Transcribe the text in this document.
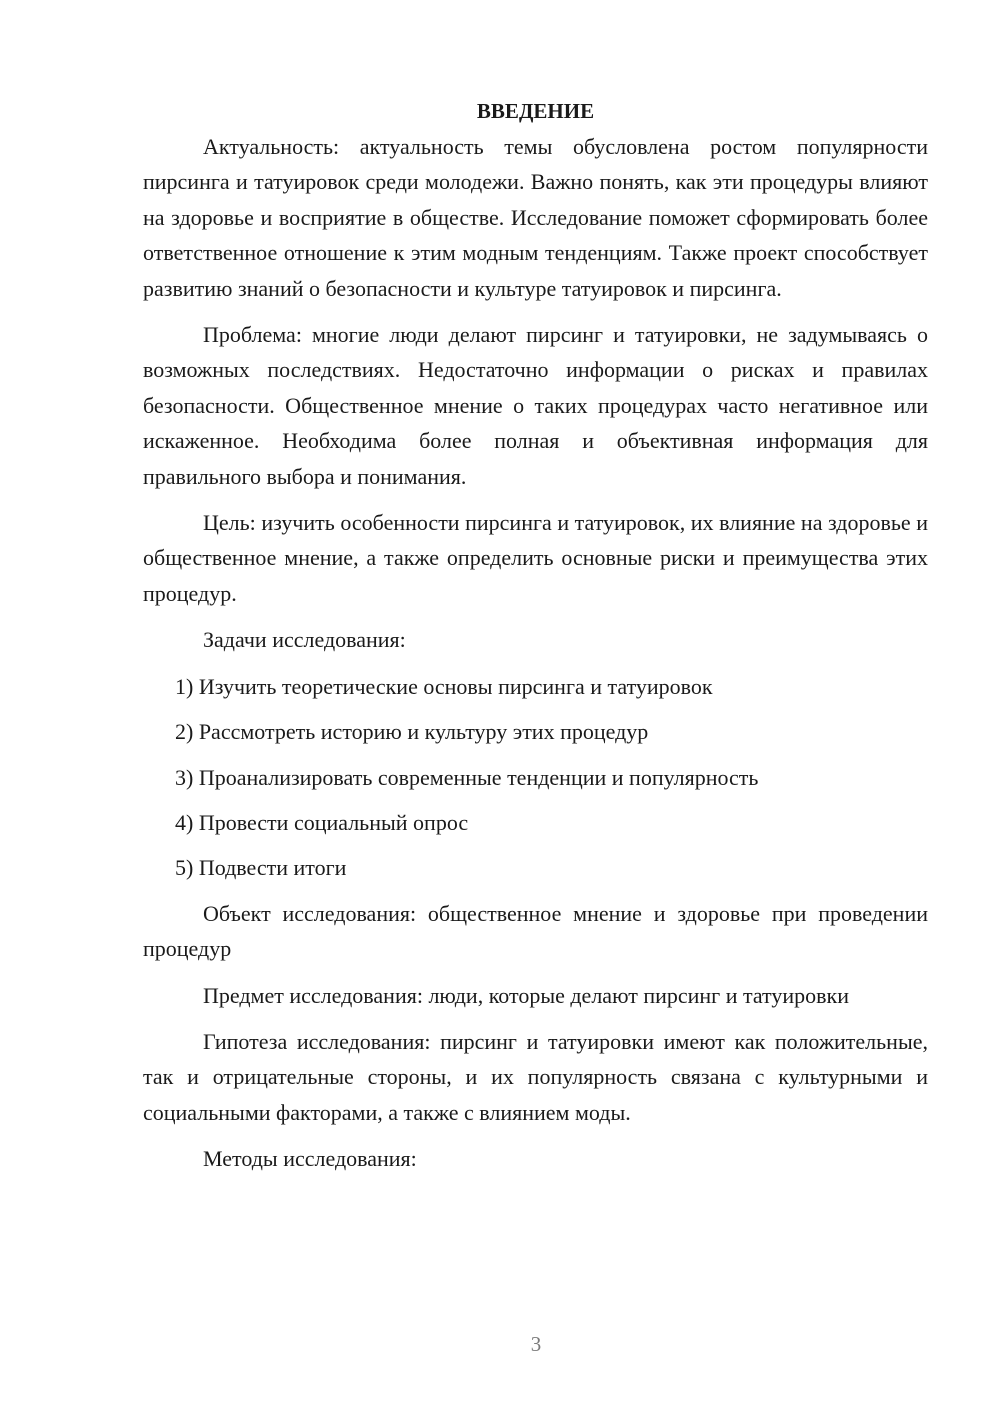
ВВЕДЕНИЕ

Актуальность: актуальность темы обусловлена ростом популярности пирсинга и татуировок среди молодежи. Важно понять, как эти процедуры влияют на здоровье и восприятие в обществе. Исследование поможет сформировать более ответственное отношение к этим модным тенденциям. Также проект способствует развитию знаний о безопасности и культуре татуировок и пирсинга.

Проблема: многие люди делают пирсинг и татуировки, не задумываясь о возможных последствиях. Недостаточно информации о рисках и правилах безопасности. Общественное мнение о таких процедурах часто негативное или искаженное. Необходима более полная и объективная информация для правильного выбора и понимания.

Цель: изучить особенности пирсинга и татуировок, их влияние на здоровье и общественное мнение, а также определить основные риски и преимущества этих процедур.

Задачи исследования:

1) Изучить теоретические основы пирсинга и татуировок
2) Рассмотреть историю и культуру этих процедур
3) Проанализировать современные тенденции и популярность
4) Провести социальный опрос
5) Подвести итоги

Объект исследования: общественное мнение и здоровье при проведении процедур

Предмет исследования: люди, которые делают пирсинг и татуировки

Гипотеза исследования: пирсинг и татуировки имеют как положительные, так и отрицательные стороны, и их популярность связана с культурными и социальными факторами, а также с влиянием моды.

Методы исследования:

3
